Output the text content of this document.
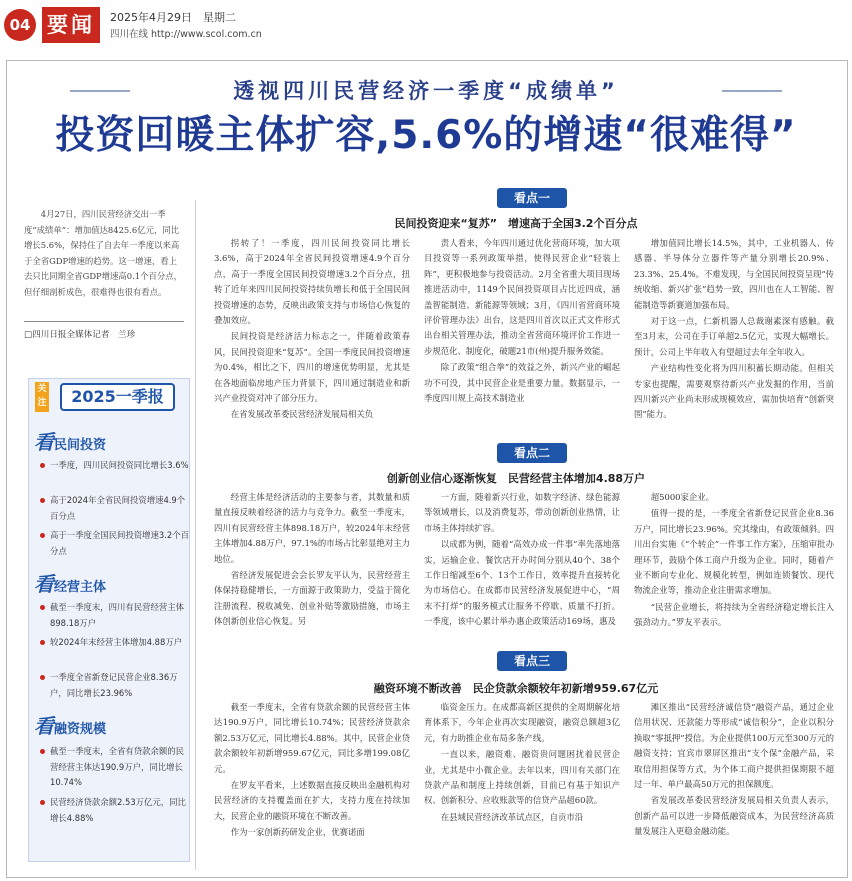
04 要闻	2025年4月29日　星期二
四川在线 http://www.scol.com.cn
透视四川民营经济一季度“成绩单”
投资回暖主体扩容,5.6%的增速“很难得”
4月27日，四川民营经济交出一季度“成绩单”：增加值达8425.6亿元，同比增长5.6%，保持住了自去年一季度以来高于全省GDP增速的趋势。这一增速，看上去只比同期全省GDP增速高0.1个百分点，但仔细剖析成色，很难得也很有看点。
□四川日报全媒体记者　兰珍
关注	2025一季报
看民间投资
一季度，四川民间投资同比增长3.6%
高于2024年全省民间投资增速4.9个百分点
高于一季度全国民间投资增速3.2个百分点
看经营主体
截至一季度末，四川有民营经营主体898.18万户
较2024年末经营主体增加4.88万户
一季度全省新登记民营企业8.36万户，同比增长23.96%
看融资规模
截至一季度末，全省有贷款余额的民营经营主体达190.9万户，同比增长10.74%
民营经济贷款余额2.53万亿元，同比增长4.88%
看点一
民间投资迎来“复苏”　增速高于全国3.2个百分点

拐转了！一季度，四川民间投资同比增长3.6%，高于2024年全省民间投资增速4.9个百分点，高于一季度全国民间投资增速3.2个百分点，扭转了近年来四川民间投资持续负增长和低于全国民间投资增速的态势，反映出政策支持与市场信心恢复的叠加效应。

民间投资是经济活力标志之一，伴随着政策春风，民间投资迎来“复苏”。全国一季度民间投资增速为0.4%，相比之下，四川的增速优势明显，尤其是在各地面临房地产压力背景下，四川通过制造业和新兴产业投资对冲了部分压力。

在省发展改革委民营经济发展局相关负

责人看来，今年四川通过优化营商环境，加大项目投资等一系列政策举措，使得民营企业“轻装上阵”，更积极地参与投资活动。2月全省重大项目现场推进活动中，1149个民间投资项目占比近四成，涵盖智能制造、新能源等领域；3月，《四川省营商环境评价管理办法》出台，这是四川首次以正式文件形式出台相关管理办法，推动全省营商环境评价工作进一步规范化、制度化，破题21市(州)提升服务效能。

除了政策“组合拳”的效益之外，新兴产业的崛起功不可没，其中民营企业是重要力量。数据显示，一季度四川规上高技术制造业

增加值同比增长14.5%，其中，工业机器人、传感器、半导体分立器件等产量分别增长20.9%、23.3%、25.4%。不难发现，与全国民间投资呈现“传统收缩、新兴扩张”趋势一致，四川也在人工智能、智能制造等新赛道加强布局。

对于这一点，仁新机器人总裁谢素深有感触。截至3月末，公司在手订单超2.5亿元，实现大幅增长。预计，公司上半年收入有望超过去年全年收入。

产业结构性变化将为四川积蓄长期动能。但相关专家也提醒，需要观察待新兴产业发掘的作用，当前四川新兴产业尚未形成规模效应，需加快培育“创新突围”能力。

看点二
创新创业信心逐渐恢复　民营经营主体增加4.88万户

经营主体是经济活动的主要参与者，其数量和质量直接反映着经济的活力与竞争力。截至一季度末，四川有民营经营主体898.18万户，较2024年末经营主体增加4.88万户，97.1%的市场占比彰显绝对主力地位。

省经济发展促进会会长罗友平认为，民营经营主体保持稳健增长，一方面源于政策助力，受益于简化注册流程、税收减免、创业补贴等激励措施，市场主体创新创业信心恢复。另

一方面，随着新兴行业，如数字经济、绿色能源等领域增长，以及消费复苏，带动创新创业热情，让市场主体持续扩容。

以成都为例，随着“高效办成一件事”率先落地落实，运输企业、餐饮店开办时间分别从40个、38个工作日缩减至6个、13个工作日，效率提升直接转化为市场信心。在成都市民营经济发展促进中心，“周末不打烊”的服务模式让服务不停歇、质量不打折。一季度，该中心累计举办惠企政策活动169场，惠及

超5000家企业。

值得一提的是，一季度全省新登记民营企业8.36万户，同比增长23.96%。究其缘由，有政策倾斜。四川出台实施《“个转企”一件事工作方案》，压缩审批办理环节，鼓励个体工商户升级为企业。同时，随着产业不断向专业化、规模化转型，例如连锁餐饮、现代物流企业等，推动企业注册需求增加。

“民营企业增长，将持续为全省经济稳定增长注入强劲动力。”罗友平表示。

看点三
融资环境不断改善　民企贷款余额较年初新增959.67亿元

截至一季度末，全省有贷款余额的民营经营主体达190.9万户，同比增长10.74%；民营经济贷款余额2.53万亿元，同比增长4.88%。其中，民营企业贷款余额较年初新增959.67亿元，同比多增199.08亿元。

在罗友平看来，上述数据直接反映出金融机构对民营经济的支持覆盖面在扩大，支持力度在持续加大，民营企业的融资环境在不断改善。

作为一家创新药研发企业，优赛诺面

临资金压力。在成都高新区提供的全周期解化培育体系下，今年企业再次实现融资，融资总额超3亿元，有力助推企业布局多条产线。

一直以来，融资难、融资贵问题困扰着民营企业，尤其是中小微企业。去年以来，四川有关部门在贷款产品和制度上持续创新，目前已有基于知识产权、创新积分、应收账款等的信贷产品超60款。

在县域民营经济改革试点区，自贡市沿

滩区推出“民营经济诚信贷”融资产品，通过企业信用状况、还款能力等形成“诚信积分”，企业以积分换取“零抵押”授信。为企业提供100万元至300万元的融资支持；宜宾市翠屏区推出“支个保”金融产品，采取信用担保等方式，为个体工商户提供担保期限不超过一年、单户最高50万元的担保额度。

省发展改革委民营经济发展局相关负责人表示，创新产品可以进一步降低融资成本，为民营经济高质量发展注入更稳金融动能。
